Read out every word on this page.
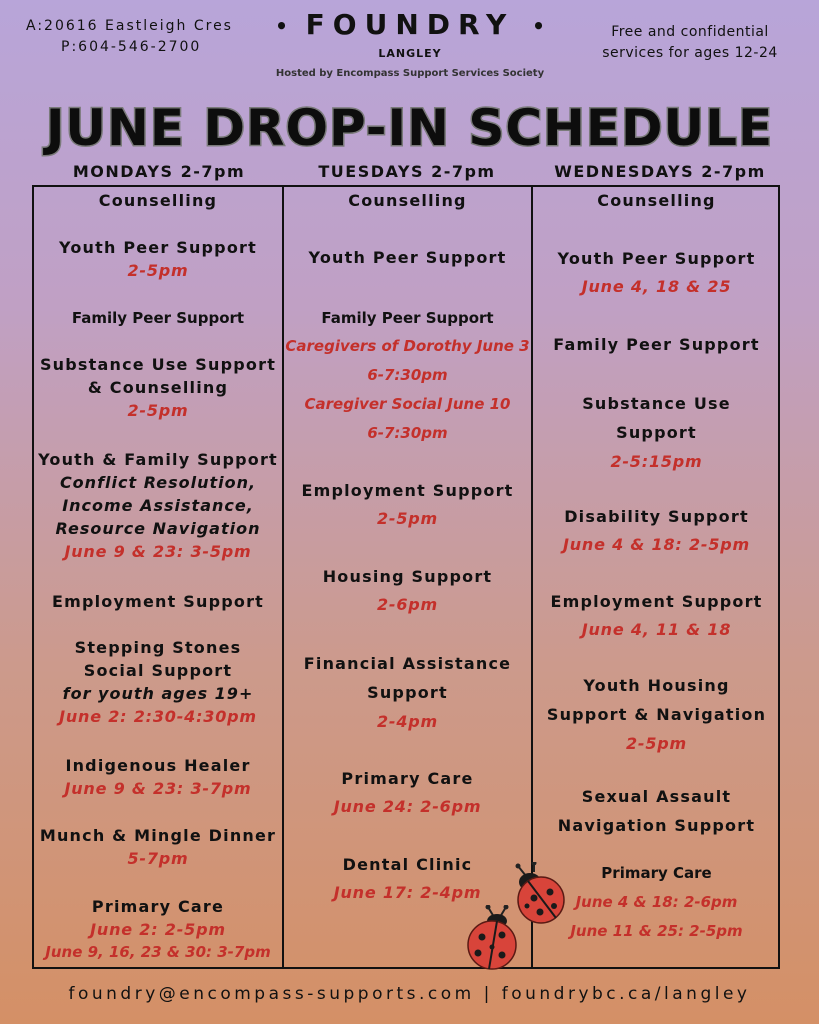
A:20616 Eastleigh Cres
P:604-546-2700
• FOUNDRY •
LANGLEY
Hosted by Encompass Support Services Society
Free and confidential
services for ages 12-24
JUNE DROP-IN SCHEDULE
MONDAYS 2-7pm	TUESDAYS 2-7pm	WEDNESDAYS 2-7pm
Counselling
Youth Peer Support
2-5pm
Family Peer Support
Substance Use Support
& Counselling
2-5pm
Youth & Family Support
Conflict Resolution,
Income Assistance,
Resource Navigation
June 9 & 23: 3-5pm
Employment Support
Stepping Stones
Social Support
for youth ages 19+
June 2: 2:30-4:30pm
Indigenous Healer
June 9 & 23: 3-7pm
Munch & Mingle Dinner
5-7pm
Primary Care
June 2: 2-5pm
June 9, 16, 23 & 30: 3-7pm
Counselling
Youth Peer Support
Family Peer Support
Caregivers of Dorothy June 3
6-7:30pm
Caregiver Social June 10
6-7:30pm
Employment Support
2-5pm
Housing Support
2-6pm
Financial Assistance
Support
2-4pm
Primary Care
June 24: 2-6pm
Dental Clinic
June 17: 2-4pm
Counselling
Youth Peer Support
June 4, 18 & 25
Family Peer Support
Substance Use
Support
2-5:15pm
Disability Support
June 4 & 18: 2-5pm
Employment Support
June 4, 11 & 18
Youth Housing
Support & Navigation
2-5pm
Sexual Assault
Navigation Support
Primary Care
June 4 & 18: 2-6pm
June 11 & 25: 2-5pm
foundry@encompass-supports.com | foundrybc.ca/langley
